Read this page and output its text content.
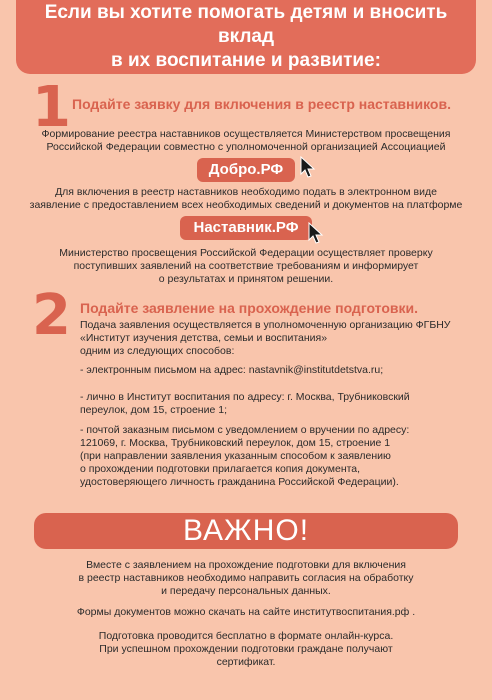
Если вы хотите помогать детям и вносить вклад
в их воспитание и развитие:
1 Подайте заявку для включения в реестр наставников.
Формирование реестра наставников осуществляется Министерством просвещения
Российской Федерации совместно с уполномоченной организацией Ассоциацией
Добро.РФ
Для включения в реестр наставников необходимо подать в электронном виде
заявление с предоставлением всех необходимых сведений и документов на платформе
Наставник.РФ
Министерство просвещения Российской Федерации осуществляет проверку
поступивших заявлений на соответствие требованиям и информирует
о результатах и принятом решении.
2 Подайте заявление на прохождение подготовки.
Подача заявления осуществляется в уполномоченную организацию ФГБНУ
«Институт изучения детства, семьи и воспитания»
одним из следующих способов:
- электронным письмом на адрес: nastavnik@institutdetstva.ru;
- лично в Институт воспитания по адресу: г. Москва, Трубниковский
переулок, дом 15, строение 1;
- почтой заказным письмом с уведомлением о вручении по адресу:
121069, г. Москва, Трубниковский переулок, дом 15, строение 1
(при направлении заявления указанным способом к заявлению
о прохождении подготовки прилагается копия документа,
удостоверяющего личность гражданина Российской Федерации).
ВАЖНО!
Вместе с заявлением на прохождение подготовки для включения
в реестр наставников необходимо направить согласия на обработку
и передачу персональных данных.
Формы документов можно скачать на сайте институтвоспитания.рф .
Подготовка проводится бесплатно в формате онлайн-курса.
При успешном прохождении подготовки граждане получают
сертификат.
